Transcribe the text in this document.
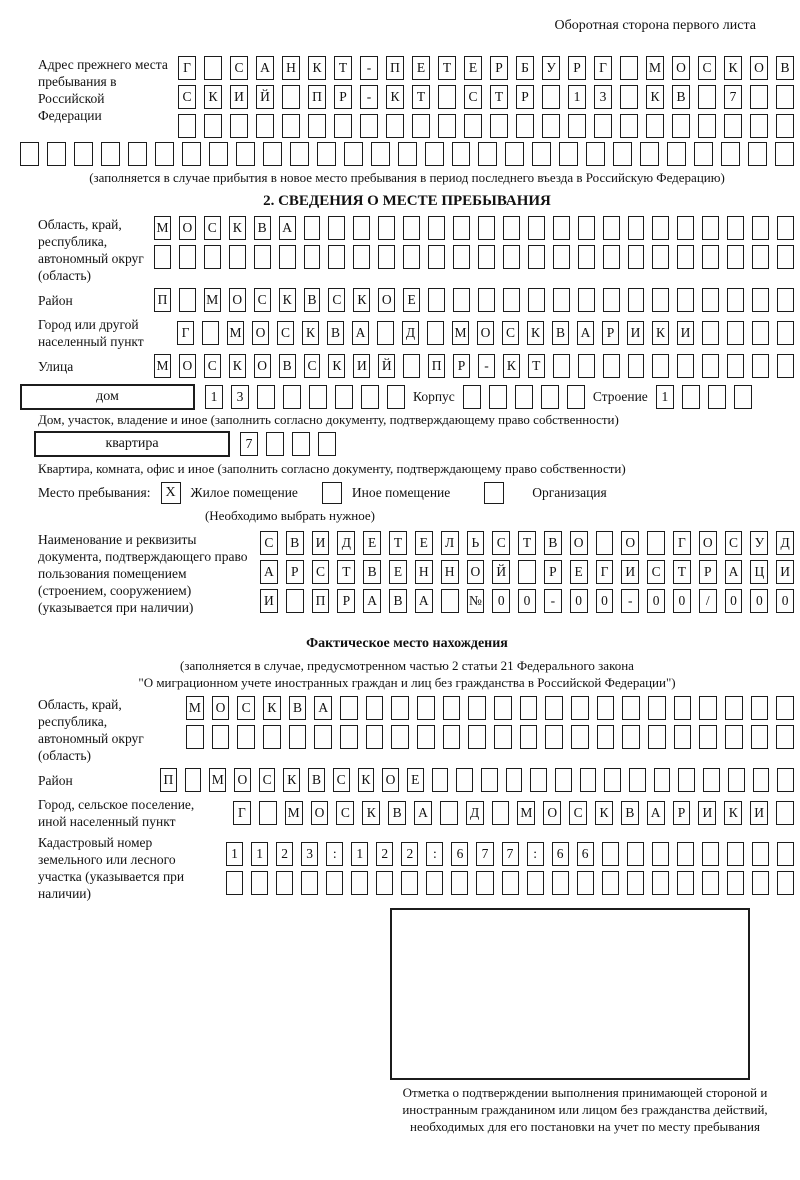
Оборотная сторона первого листа
Адрес прежнего места пребывания в Российской Федерации
Г	С	А	Н	К	Т	-	П	Е	Т	Е	Р	Б	У	Р	Г	М	О	С	К	О	В
С	К	И	Й	П	Р	-	К	Т	С	Т	Р	1	3	К	В	7
(заполняется в случае прибытия в новое место пребывания в период последнего въезда в Российскую Федерацию)
2. СВЕДЕНИЯ О МЕСТЕ ПРЕБЫВАНИЯ
Область, край, республика, автономный округ (область)
М О С К В А
Район	П	М О С К В С К О	Е
Город или другой населенный пункт
Г	М О С К В А	Д	М О С К В А	Р	И К И
Улица	М О С К О В С К И Й	П	Р	-	К	Т
дом	1	3	Корпус	Строение	1
Дом, участок, владение и иное (заполнить согласно документу, подтверждающему право собственности)
квартира	7
Квартира, комната, офис и иное (заполнить согласно документу, подтверждающему право собственности)
Место пребывания:	X	Жилое помещение	Иное помещение	Организация
(Необходимо выбрать нужное)
Наименование и реквизиты документа, подтверждающего право пользования помещением (строением, сооружением) (указывается при наличии)
С	В	И	Д	Е	Т	Е	Л	Ь	С	Т	В	О	О	Г	О	С	У	Д
А	Р	С	Т	В	Е	Н Н О Й	Р	Е	Г	И	С	Т	Р	А Ц И
И	П	Р	А	В	А	№	0	0	-	0	0	-	0	0	/	0	0	0
Фактическое место нахождения
(заполняется в случае, предусмотренном частью 2 статьи 21 Федерального закона
"О миграционном учете иностранных граждан и лиц без гражданства в Российской Федерации")
Область, край, республика, автономный округ (область)
М О	С	К	В	А
Район	П	М О С К В С К О	Е
Город, сельское поселение, иной населенный пункт
Г	М О	С	К	В	А	Д	М О	С	К	В	А	Р	И	К	И
Кадастровый номер земельного или лесного участка (указывается при наличии)
1	1	2	3	:	1	2	2	:	6	7	7	:	6	6
Отметка о подтверждении выполнения принимающей стороной и иностранным гражданином или лицом без гражданства действий, необходимых для его постановки на учет по месту пребывания
